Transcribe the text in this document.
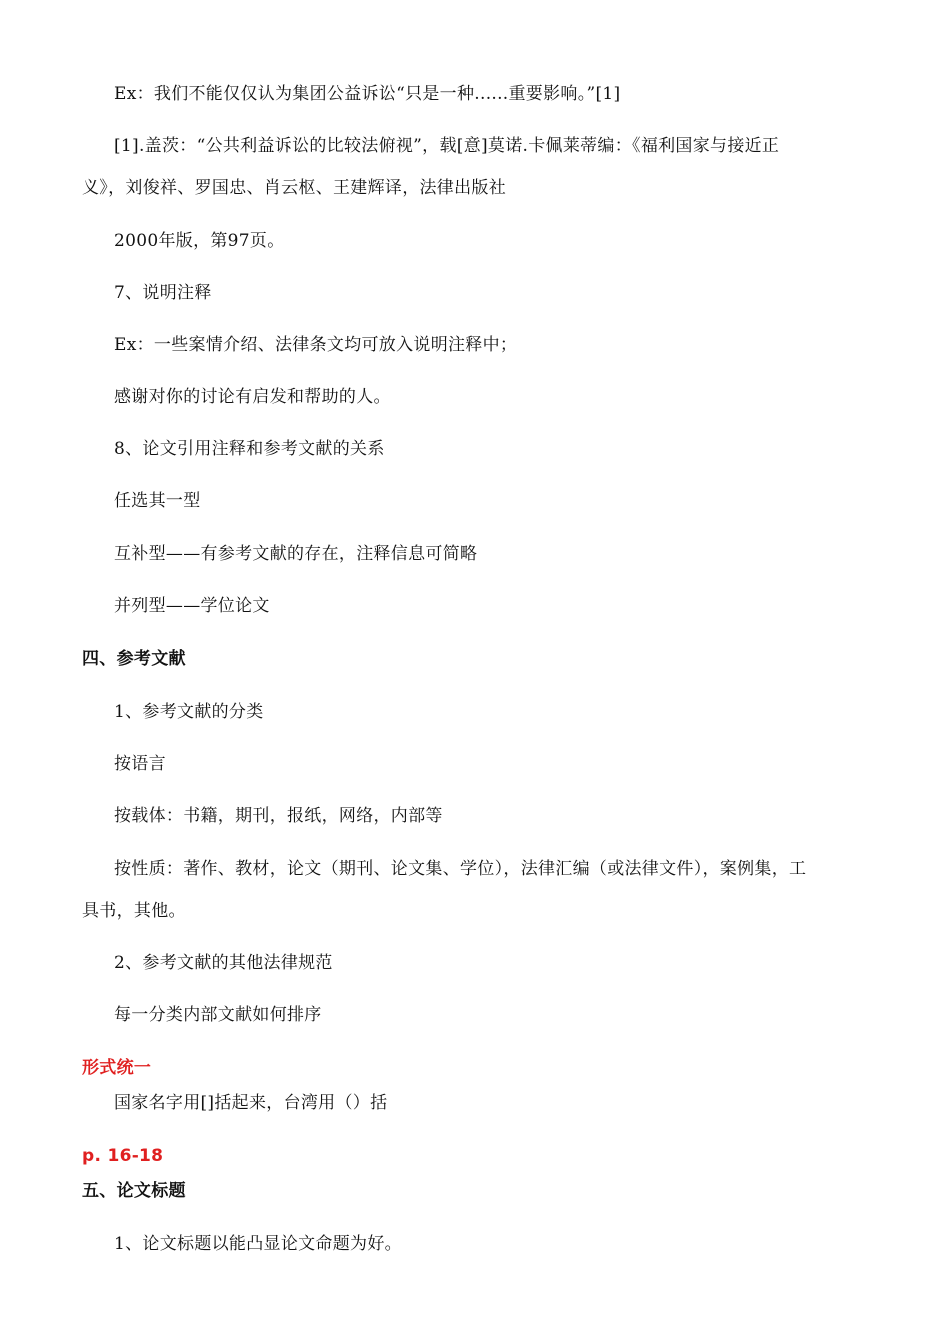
Ex：我们不能仅仅认为集团公益诉讼“只是一种......重要影响。”[1]
[1].盖茨：“公共利益诉讼的比较法俯视”，载[意]莫诺.卡佩莱蒂编：《福利国家与接近正
义》，刘俊祥、罗国忠、肖云枢、王建辉译，法律出版社
2000年版，第97页。
7、说明注释
Ex：一些案情介绍、法律条文均可放入说明注释中；
感谢对你的讨论有启发和帮助的人。
8、论文引用注释和参考文献的关系
任选其一型
互补型——有参考文献的存在，注释信息可简略
并列型——学位论文
四、参考文献
1、参考文献的分类
按语言
按载体：书籍，期刊，报纸，网络，内部等
按性质：著作、教材，论文（期刊、论文集、学位），法律汇编（或法律文件），案例集，工
具书，其他。
2、参考文献的其他法律规范
每一分类内部文献如何排序
形式统一
国家名字用[]括起来，台湾用（）括
p. 16-18
五、论文标题
1、论文标题以能凸显论文命题为好。
